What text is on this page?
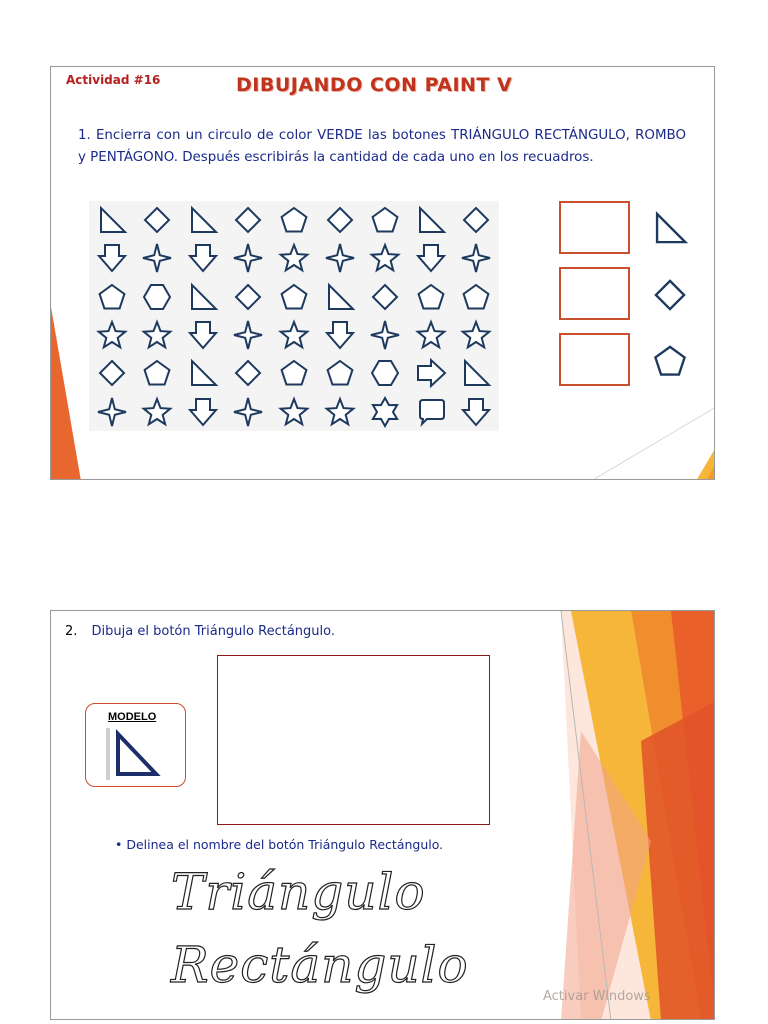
Actividad #16	DIBUJANDO CON PAINT V
1. Encierra con un circulo de color VERDE las botones TRIÁNGULO RECTÁNGULO, ROMBO y PENTÁGONO. Después escribirás la cantidad de cada uno en los recuadros.
2. Dibuja el botón Triángulo Rectángulo.
MODELO
• Delinea el nombre del botón Triángulo Rectángulo.
Triángulo
Rectángulo
Activar Windows
